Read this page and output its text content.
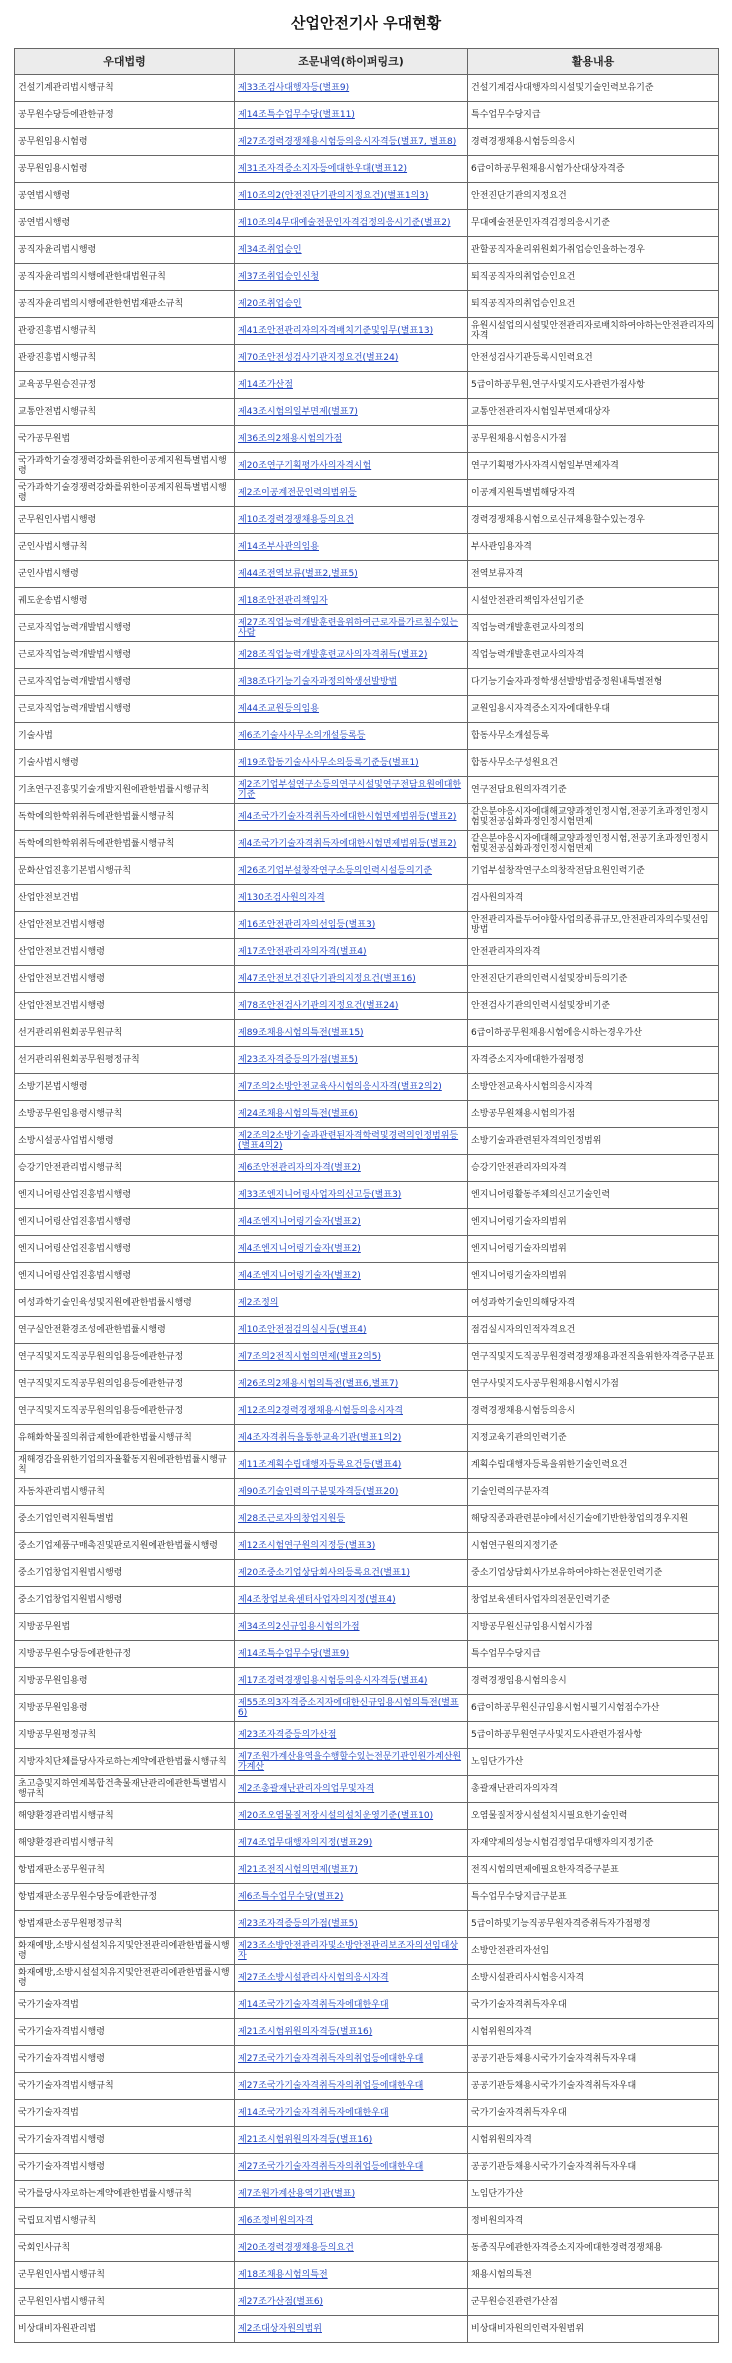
산업안전기사 우대현황
우대법령	조문내역(하이퍼링크)	활용내용
건설기계관리법시행규칙	제33조검사대행자등(별표9)	건설기계검사대행자의시설및기술인력보유기준
공무원수당등에관한규정	제14조특수업무수당(별표11)	특수업무수당지급
공무원임용시험령	제27조경력경쟁채용시험등의응시자격등(별표7, 별표8)	경력경쟁채용시험등의응시
공무원임용시험령	제31조자격증소지자등에대한우대(별표12)	6급이하공무원채용시험가산대상자격증
공연법시행령	제10조의2(안전진단기관의지정요건)(별표1의3)	안전진단기관의지정요건
공연법시행령	제10조의4무대예술전문인자격검정의응시기준(별표2)	무대예술전문인자격검정의응시기준
공직자윤리법시행령	제34조취업승인	관할공직자윤리위원회가취업승인을하는경우
공직자윤리법의시행에관한대법원규칙	제37조취업승인신청	퇴직공직자의취업승인요건
공직자윤리법의시행에관한헌법재판소규칙	제20조취업승인	퇴직공직자의취업승인요건
관광진흥법시행규칙	제41조안전관리자의자격배치기준및임무(별표13)	유원시설업의시설및안전관리자로배치하여야하는안전관리자의자격
관광진흥법시행규칙	제70조안전성검사기관지정요건(별표24)	안전성검사기관등록시인력요건
교육공무원승진규정	제14조가산점	5급이하공무원,연구사및지도사관련가점사항
교통안전법시행규칙	제43조시험의일부면제(별표7)	교통안전관리자시험일부면제대상자
국가공무원법	제36조의2채용시험의가점	공무원채용시험응시가점
국가과학기술경쟁력강화를위한이공계지원특별법시행령	제20조연구기획평가사의자격시험	연구기획평가사자격시험일부면제자격
국가과학기술경쟁력강화를위한이공계지원특별법시행령	제2조이공계전문인력의범위등	이공계지원특별법해당자격
군무원인사법시행령	제10조경력경쟁채용등의요건	경력경쟁채용시험으로신규채용할수있는경우
군인사법시행규칙	제14조부사관의임용	부사관임용자격
군인사법시행령	제44조전역보류(별표2,별표5)	전역보류자격
궤도운송법시행령	제18조안전관리책임자	시설안전관리책임자선임기준
근로자직업능력개발법시행령	제27조직업능력개발훈련을위하여근로자를가르칠수있는사람	직업능력개발훈련교사의정의
근로자직업능력개발법시행령	제28조직업능력개발훈련교사의자격취득(별표2)	직업능력개발훈련교사의자격
근로자직업능력개발법시행령	제38조다기능기술자과정의학생선발방법	다기능기술자과정학생선발방법중정원내특별전형
근로자직업능력개발법시행령	제44조교원등의임용	교원임용시자격증소지자에대한우대
기술사법	제6조기술사사무소의개설등록등	합동사무소개설등록
기술사법시행령	제19조합동기술사사무소의등록기준등(별표1)	합동사무소구성원요건
기초연구진흥및기술개발지원에관한법률시행규칙	제2조기업부설연구소등의연구시설및연구전담요원에대한기준	연구전담요원의자격기준
독학에의한학위취득에관한법률시행규칙	제4조국가기술자격취득자에대한시험면제범위등(별표2)	같은분야응시자에대해교양과정인정시험,전공기초과정인정시험및전공심화과정인정시험면제
독학에의한학위취득에관한법률시행규칙	제4조국가기술자격취득자에대한시험면제범위등(별표2)	같은분야응시자에대해교양과정인정시험,전공기초과정인정시험및전공심화과정인정시험면제
문화산업진흥기본법시행규칙	제26조기업부설창작연구소등의인력시설등의기준	기업부설창작연구소의창작전담요원인력기준
산업안전보건법	제130조검사원의자격	검사원의자격
산업안전보건법시행령	제16조안전관리자의선임등(별표3)	안전관리자를두어야할사업의종류규모,안전관리자의수및선임방법
산업안전보건법시행령	제17조안전관리자의자격(별표4)	안전관리자의자격
산업안전보건법시행령	제47조안전보건진단기관의지정요건(별표16)	안전진단기관의인력시설및장비등의기준
산업안전보건법시행령	제78조안전검사기관의지정요건(별표24)	안전검사기관의인력시설및장비기준
선거관리위원회공무원규칙	제89조채용시험의특전(별표15)	6급이하공무원채용시험에응시하는경우가산
선거관리위원회공무원평정규칙	제23조자격증등의가점(별표5)	자격증소지자에대한가점평정
소방기본법시행령	제7조의2소방안전교육사시험의응시자격(별표2의2)	소방안전교육사시험의응시자격
소방공무원임용령시행규칙	제24조채용시험의특전(별표6)	소방공무원채용시험의가점
소방시설공사업법시행령	제2조의2소방기술과관련된자격학력및경력의인정범위등(별표4의2)	소방기술과관련된자격의인정범위
승강기안전관리법시행규칙	제6조안전관리자의자격(별표2)	승강기안전관리자의자격
엔지니어링산업진흥법시행령	제33조엔지니어링사업자의신고등(별표3)	엔지니어링활동주체의신고기술인력
엔지니어링산업진흥법시행령	제4조엔지니어링기술자(별표2)	엔지니어링기술자의범위
엔지니어링산업진흥법시행령	제4조엔지니어링기술자(별표2)	엔지니어링기술자의범위
엔지니어링산업진흥법시행령	제4조엔지니어링기술자(별표2)	엔지니어링기술자의범위
여성과학기술인육성및지원에관한법률시행령	제2조정의	여성과학기술인의해당자격
연구실안전환경조성에관한법률시행령	제10조안전점검의실시등(별표4)	점검실시자의인적자격요건
연구직및지도직공무원의임용등에관한규정	제7조의2전직시험의면제(별표2의5)	연구직및지도직공무원경력경쟁채용과전직을위한자격증구분표
연구직및지도직공무원의임용등에관한규정	제26조의2채용시험의특전(별표6,별표7)	연구사및지도사공무원채용시험시가점
연구직및지도직공무원의임용등에관한규정	제12조의2경력경쟁채용시험등의응시자격	경력경쟁채용시험등의응시
유해화학물질의취급제한에관한법률시행규칙	제4조자격취득을통한교육기관(별표1의2)	지정교육기관의인력기준
재해경감을위한기업의자율활동지원에관한법률시행규칙	제11조계획수립대행자등록요건등(별표4)	계획수립대행자등록을위한기술인력요건
자동차관리법시행규칙	제90조기술인력의구분및자격등(별표20)	기술인력의구분자격
중소기업인력지원특별법	제28조근로자의창업지원등	해당직종과관련분야에서신기술에기반한창업의경우지원
중소기업제품구매촉진및판로지원에관한법률시행령	제12조시험연구원의지정등(별표3)	시험연구원의지정기준
중소기업창업지원법시행령	제20조중소기업상담회사의등록요건(별표1)	중소기업상담회사가보유하여야하는전문인력기준
중소기업창업지원법시행령	제4조창업보육센터사업자의지정(별표4)	창업보육센터사업자의전문인력기준
지방공무원법	제34조의2신규임용시험의가점	지방공무원신규임용시험시가점
지방공무원수당등에관한규정	제14조특수업무수당(별표9)	특수업무수당지급
지방공무원임용령	제17조경력경쟁임용시험등의응시자격등(별표4)	경력경쟁임용시험의응시
지방공무원임용령	제55조의3자격증소지자에대한신규임용시험의특전(별표6)	6급이하공무원신규임용시험시필기시험점수가산
지방공무원평정규칙	제23조자격증등의가산점	5급이하공무원연구사및지도사관련가점사항
지방자치단체를당사자로하는계약에관한법률시행규칙	제7조원가계산용역을수행할수있는전문기관인원가계산원가계산	노임단가가산
초고층및지하연계복합건축물재난관리에관한특별법시행규칙	제2조총괄재난관리자의업무및자격	총괄재난관리자의자격
해양환경관리법시행규칙	제20조오염물질저장시설의설치운영기준(별표10)	오염물질저장시설설치시필요한기술인력
해양환경관리법시행규칙	제74조업무대행자의지정(별표29)	자재약제의성능시험검정업무대행자의지정기준
항법재판소공무원규칙	제21조전직시험의면제(별표7)	전직시험의면제에필요한자격증구분표
항법재판소공무원수당등에관한규정	제6조특수업무수당(별표2)	특수업무수당지급구분표
항법재판소공무원평정규칙	제23조자격증등의가점(별표5)	5급이하및기능직공무원자격증취득자가점평정
화재예방,소방시설설치유지및안전관리에관한법률시행령	제23조소방안전관리자및소방안전관리보조자의선임대상자	소방안전관리자선임
화재예방,소방시설설치유지및안전관리에관한법률시행령	제27조소방시설관리사시험의응시자격	소방시설관리사시험응시자격
국가기술자격법	제14조국가기술자격취득자에대한우대	국가기술자격취득자우대
국가기술자격법시행령	제21조시험위원의자격등(별표16)	시험위원의자격
국가기술자격법시행령	제27조국가기술자격취득자의취업등에대한우대	공공기관등채용시국가기술자격취득자우대
국가기술자격법시행규칙	제27조국가기술자격취득자의취업등에대한우대	공공기관등채용시국가기술자격취득자우대
국가기술자격법	제14조국가기술자격취득자에대한우대	국가기술자격취득자우대
국가기술자격법시행령	제21조시험위원의자격등(별표16)	시험위원의자격
국가기술자격법시행령	제27조국가기술자격취득자의취업등에대한우대	공공기관등채용시국가기술자격취득자우대
국가를당사자로하는계약에관한법률시행규칙	제7조원가계산용역기관(별표)	노임단가가산
국립묘지법시행규칙	제6조정비원의자격	정비원의자격
국회인사규칙	제20조경력경쟁채용등의요건	동종직무에관한자격증소지자에대한경력경쟁채용
군무원인사법시행규칙	제18조채용시험의특전	채용시험의특전
군무원인사법시행규칙	제27조가산점(별표6)	군무원승진관련가산점
비상대비자원관리법	제2조대상자원의범위	비상대비자원의인력자원범위
